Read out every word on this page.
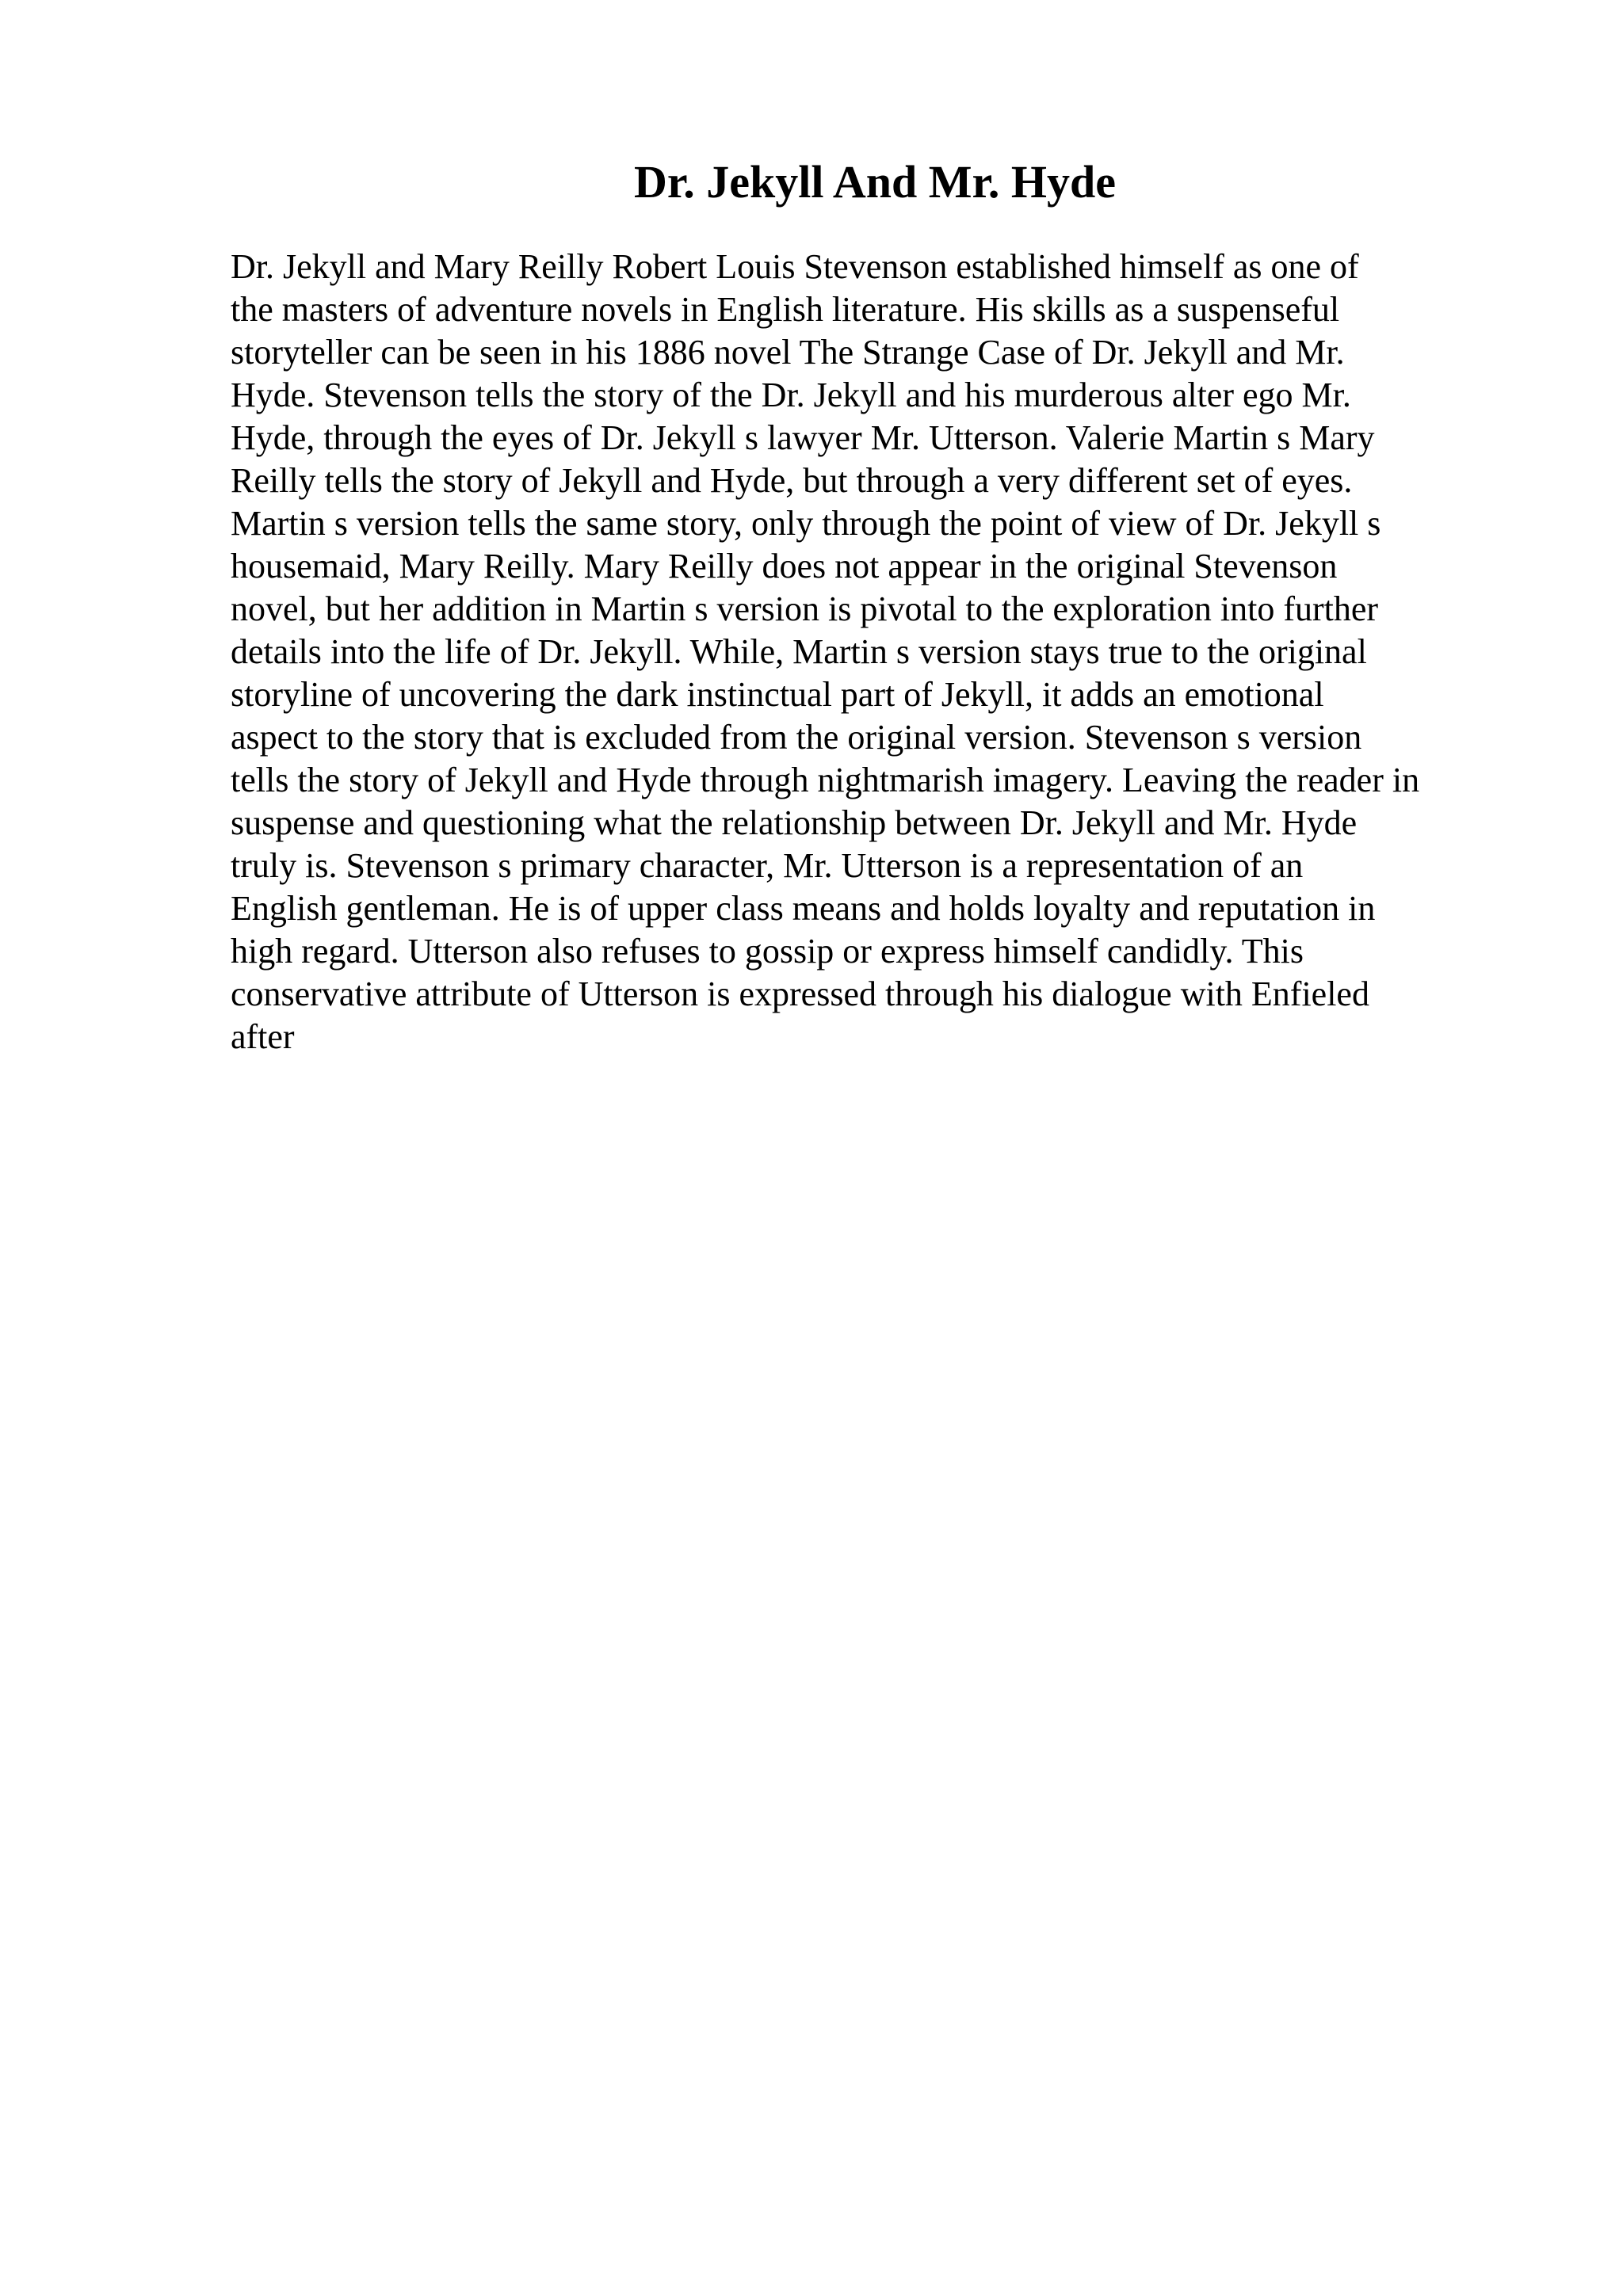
Dr. Jekyll And Mr. Hyde
Dr. Jekyll and Mary Reilly Robert Louis Stevenson established himself as one of
the masters of adventure novels in English literature. His skills as a suspenseful
storyteller can be seen in his 1886 novel The Strange Case of Dr. Jekyll and Mr.
Hyde. Stevenson tells the story of the Dr. Jekyll and his murderous alter ego Mr.
Hyde, through the eyes of Dr. Jekyll s lawyer Mr. Utterson. Valerie Martin s Mary
Reilly tells the story of Jekyll and Hyde, but through a very different set of eyes.
Martin s version tells the same story, only through the point of view of Dr. Jekyll s
housemaid, Mary Reilly. Mary Reilly does not appear in the original Stevenson
novel, but her addition in Martin s version is pivotal to the exploration into further
details into the life of Dr. Jekyll. While, Martin s version stays true to the original
storyline of uncovering the dark instinctual part of Jekyll, it adds an emotional
aspect to the story that is excluded from the original version. Stevenson s version
tells the story of Jekyll and Hyde through nightmarish imagery. Leaving the reader in
suspense and questioning what the relationship between Dr. Jekyll and Mr. Hyde
truly is. Stevenson s primary character, Mr. Utterson is a representation of an
English gentleman. He is of upper class means and holds loyalty and reputation in
high regard. Utterson also refuses to gossip or express himself candidly. This
conservative attribute of Utterson is expressed through his dialogue with Enfieled
after
